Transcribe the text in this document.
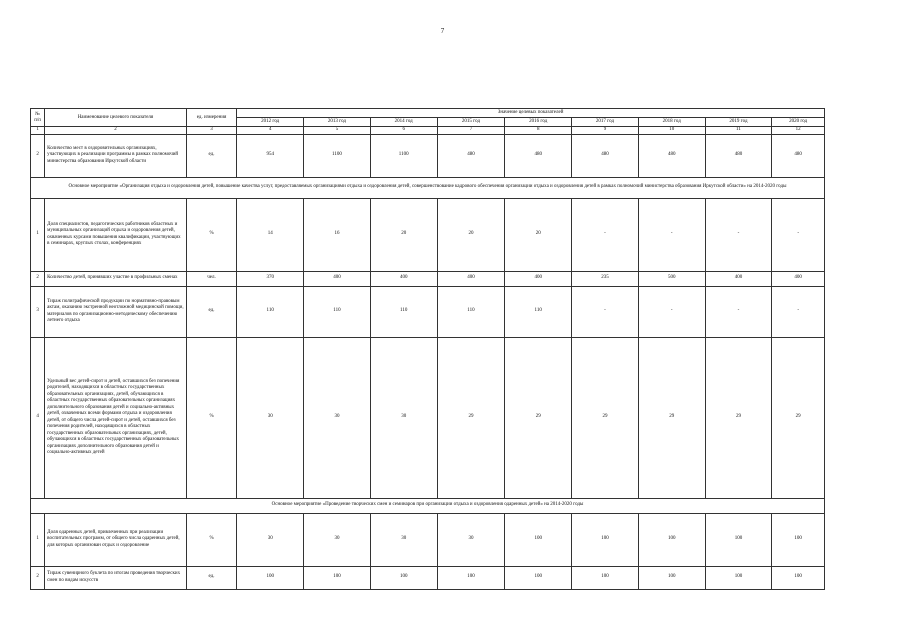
7
№ п/п	Наименование целевого показателя	ед. измерения	Значение целевых показателей								
			2012 год	2013 год	2014 год	2015 год	2016 год	2017 год	2018 год	2019 год	2020 год
1	2	3	4	5	6	7	8	9	10	11	12
2	Количество мест в оздоровительных организациях, участвующих в реализации программы в рамках полномочий министерства образования Иркутской области	ед.	954	1100	1100	480	480	480	480	480	480
Основное мероприятие «Организация отдыха и оздоровления детей, повышение качества услуг, предоставляемых организациями отдыха и оздоровления детей, совершенствование кадрового обеспечения организации отдыха и оздоровления детей в рамках полномочий министерства образования Иркутской области» на 2014-2020 годы											
1	Доля специалистов, педагогических работников областных и муниципальных организаций отдыха и оздоровления детей, охваченных курсами повышения квалификации, участвующих в семинарах, круглых столах, конференциях	%	14	16	20	20	20	-	-	-	-
2	Количество детей, принявших участие в профильных сменах	чел.	370	400	400	400	400	235	500	400	400
3	Тираж полиграфической продукции по нормативно-правовым актам, оказанию экстренной неотложной медицинской помощи, материалов по организационно-методическому обеспечению летнего отдыха	ед.	110	110	110	110	110	-	-	-	-
4	Удельный вес детей-сирот и детей, оставшихся без попечения родителей, находящихся в областных государственных образовательных организациях, детей, обучающихся в областных государственных образовательных организациях дополнительного образования детей и социально-активных детей, охваченных всеми формами отдыха и оздоровления детей, от общего числа детей-сирот и детей, оставшихся без попечения родителей, находящихся в областных государственных образовательных организациях, детей, обучающихся в областных государственных образовательных организациях дополнительного образования детей и социально-активных детей	%	30	30	30	29	29	29	29	29	29
Основное мероприятие «Проведение творческих смен и семинаров при организации отдыха и оздоровления одаренных детей» на 2014-2020 годы											
1	Доля одаренных детей, привлеченных при реализации воспитательных программ, от общего числа одаренных детей, для которых организован отдых и оздоровление	%	30	30	30	30	100	100	100	100	100
2	Тираж сувенирного буклета по итогам проведения творческих смен по видам искусств	ед.	100	100	100	100	100	100	100	100	100
